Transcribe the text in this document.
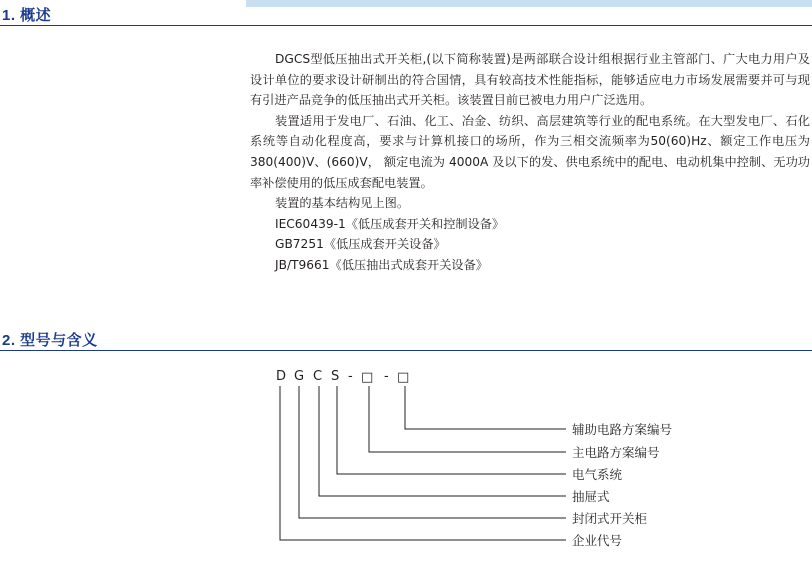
1. 概述

DGCS型低压抽出式开关柜,(以下简称装置)是两部联合设计组根据行业主管部门、广大电力用户及设计单位的要求设计研制出的符合国情，具有较高技术性能指标，能够适应电力市场发展需要并可与现有引进产品竞争的低压抽出式开关柜。该装置目前已被电力用户广泛选用。

装置适用于发电厂、石油、化工、冶金、纺织、高层建筑等行业的配电系统。在大型发电厂、石化系统等自动化程度高，要求与计算机接口的场所，作为三相交流频率为50(60)Hz、额定工作电压为 380(400)V、(660)V， 额定电流为 4000A 及以下的发、供电系统中的配电、电动机集中控制、无功功率补偿使用的低压成套配电装置。

装置的基本结构见上图。

IEC60439-1《低压成套开关和控制设备》

GB7251《低压成套开关设备》

JB/T9661《低压抽出式成套开关设备》

2. 型号与含义
D G C S - □ - □
辅助电路方案编号
主电路方案编号
电气系统
抽屉式
封闭式开关柜
企业代号
